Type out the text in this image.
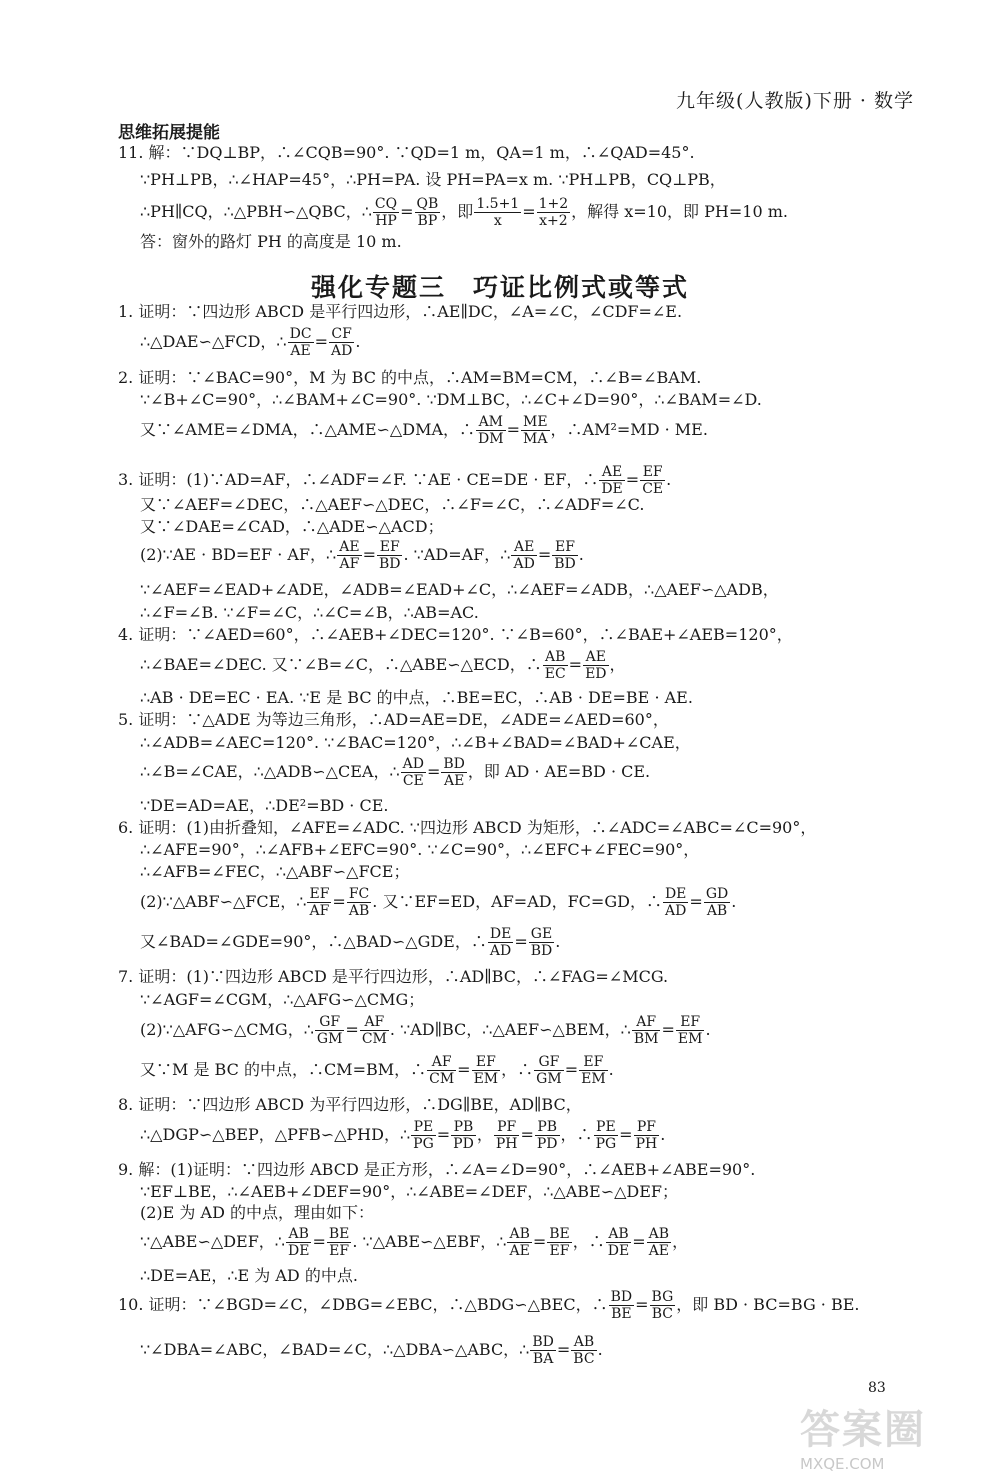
九年级(人教版)下册 · 数学
思维拓展提能
强化专题三　巧证比例式或等式
11. 解：∵DQ⊥BP，∴∠CQB=90°. ∵QD=1 m，QA=1 m，∴∠QAD=45°.
∵PH⊥PB，∴∠HAP=45°，∴PH=PA. 设 PH=PA=x m. ∵PH⊥PB，CQ⊥PB，
∴PH∥CQ，∴△PBH∽△QBC，∴ $\frac{CQ}{HP} = \frac{QB}{BP}$ ，即 $\frac{1.5+1}{x} = \frac{1+2}{x+2}$ ，解得 x=10，即 PH=10 m.
答：窗外的路灯 PH 的高度是 10 m.
1. 证明：∵四边形 ABCD 是平行四边形，∴AE∥DC，∠A=∠C，∠CDF=∠E.
∴△DAE∽△FCD，∴ $\frac{DC}{AE} = \frac{CF}{AD}$ .
2. 证明：∵∠BAC=90°，M 为 BC 的中点，∴AM=BM=CM，∴∠B=∠BAM.
∵∠B+∠C=90°，∴∠BAM+∠C=90°. ∵DM⊥BC，∴∠C+∠D=90°，∴∠BAM=∠D.
又∵∠AME=∠DMA，∴△AME∽△DMA，∴ $\frac{AM}{DM} = \frac{ME}{MA}$ ，∴AM²=MD · ME.
3. 证明：(1)∵AD=AF，∴∠ADF=∠F. ∵AE · CE=DE · EF，∴ $\frac{AE}{DE} = \frac{EF}{CE}$ .
又∵∠AEF=∠DEC，∴△AEF∽△DEC，∴∠F=∠C，∴∠ADF=∠C.
又∵∠DAE=∠CAD，∴△ADE∽△ACD；
(2)∵AE · BD=EF · AF，∴ $\frac{AE}{AF} = \frac{EF}{BD}$ . ∵AD=AF，∴ $\frac{AE}{AD} = \frac{EF}{BD}$ .
∵∠AEF=∠EAD+∠ADE，∠ADB=∠EAD+∠C，∴∠AEF=∠ADB，∴△AEF∽△ADB，
∴∠F=∠B. ∵∠F=∠C，∴∠C=∠B，∴AB=AC.
4. 证明：∵∠AED=60°，∴∠AEB+∠DEC=120°. ∵∠B=60°，∴∠BAE+∠AEB=120°，
∴∠BAE=∠DEC. 又∵∠B=∠C，∴△ABE∽△ECD，∴ $\frac{AB}{EC} = \frac{AE}{ED}$ ，
∴AB · DE=EC · EA. ∵E 是 BC 的中点，∴BE=EC，∴AB · DE=BE · AE.
5. 证明：∵△ADE 为等边三角形，∴AD=AE=DE，∠ADE=∠AED=60°，
∴∠ADB=∠AEC=120°. ∵∠BAC=120°，∴∠B+∠BAD=∠BAD+∠CAE，
∴∠B=∠CAE，∴△ADB∽△CEA，∴ $\frac{AD}{CE} = \frac{BD}{AE}$ ，即 AD · AE=BD · CE.
∵DE=AD=AE，∴DE²=BD · CE.
6. 证明：(1)由折叠知，∠AFE=∠ADC. ∵四边形 ABCD 为矩形，∴∠ADC=∠ABC=∠C=90°，
∴∠AFE=90°，∴∠AFB+∠EFC=90°. ∵∠C=90°，∴∠EFC+∠FEC=90°，
∴∠AFB=∠FEC，∴△ABF∽△FCE；
(2)∵△ABF∽△FCE，∴ $\frac{EF}{AF} = \frac{FC}{AB}$ . 又∵EF=ED，AF=AD，FC=GD，∴ $\frac{DE}{AD} = \frac{GD}{AB}$ .
又∠BAD=∠GDE=90°，∴△BAD∽△GDE，∴ $\frac{DE}{AD} = \frac{GE}{BD}$ .
7. 证明：(1)∵四边形 ABCD 是平行四边形，∴AD∥BC，∴∠FAG=∠MCG.
∵∠AGF=∠CGM，∴△AFG∽△CMG；
(2)∵△AFG∽△CMG，∴ $\frac{GF}{GM} = \frac{AF}{CM}$ . ∵AD∥BC，∴△AEF∽△BEM，∴ $\frac{AF}{BM} = \frac{EF}{EM}$ .
又∵M 是 BC 的中点，∴CM=BM，∴ $\frac{AF}{CM} = \frac{EF}{EM}$ ，∴ $\frac{GF}{GM} = \frac{EF}{EM}$ .
8. 证明：∵四边形 ABCD 为平行四边形，∴DG∥BE，AD∥BC，
∴△DGP∽△BEP，△PFB∽△PHD，∴ $\frac{PE}{PG} = \frac{PB}{PD}$ ， $\frac{PF}{PH} = \frac{PB}{PD}$ ，∴ $\frac{PE}{PG} = \frac{PF}{PH}$ .
9. 解：(1)证明：∵四边形 ABCD 是正方形，∴∠A=∠D=90°，∴∠AEB+∠ABE=90°.
∵EF⊥BE，∴∠AEB+∠DEF=90°，∴∠ABE=∠DEF，∴△ABE∽△DEF；
(2)E 为 AD 的中点，理由如下：
∵△ABE∽△DEF，∴ $\frac{AB}{DE} = \frac{BE}{EF}$ . ∵△ABE∽△EBF，∴ $\frac{AB}{AE} = \frac{BE}{EF}$ ，∴ $\frac{AB}{DE} = \frac{AB}{AE}$ ，
∴DE=AE，∴E 为 AD 的中点.
10. 证明：∵∠BGD=∠C，∠DBG=∠EBC，∴△BDG∽△BEC，∴ $\frac{BD}{BE} = \frac{BG}{BC}$ ，即 BD · BC=BG · BE.
∵∠DBA=∠ABC，∠BAD=∠C，∴△DBA∽△ABC，∴ $\frac{BD}{BA} = \frac{AB}{BC}$ .
83
答案圈
MXQE.COM
